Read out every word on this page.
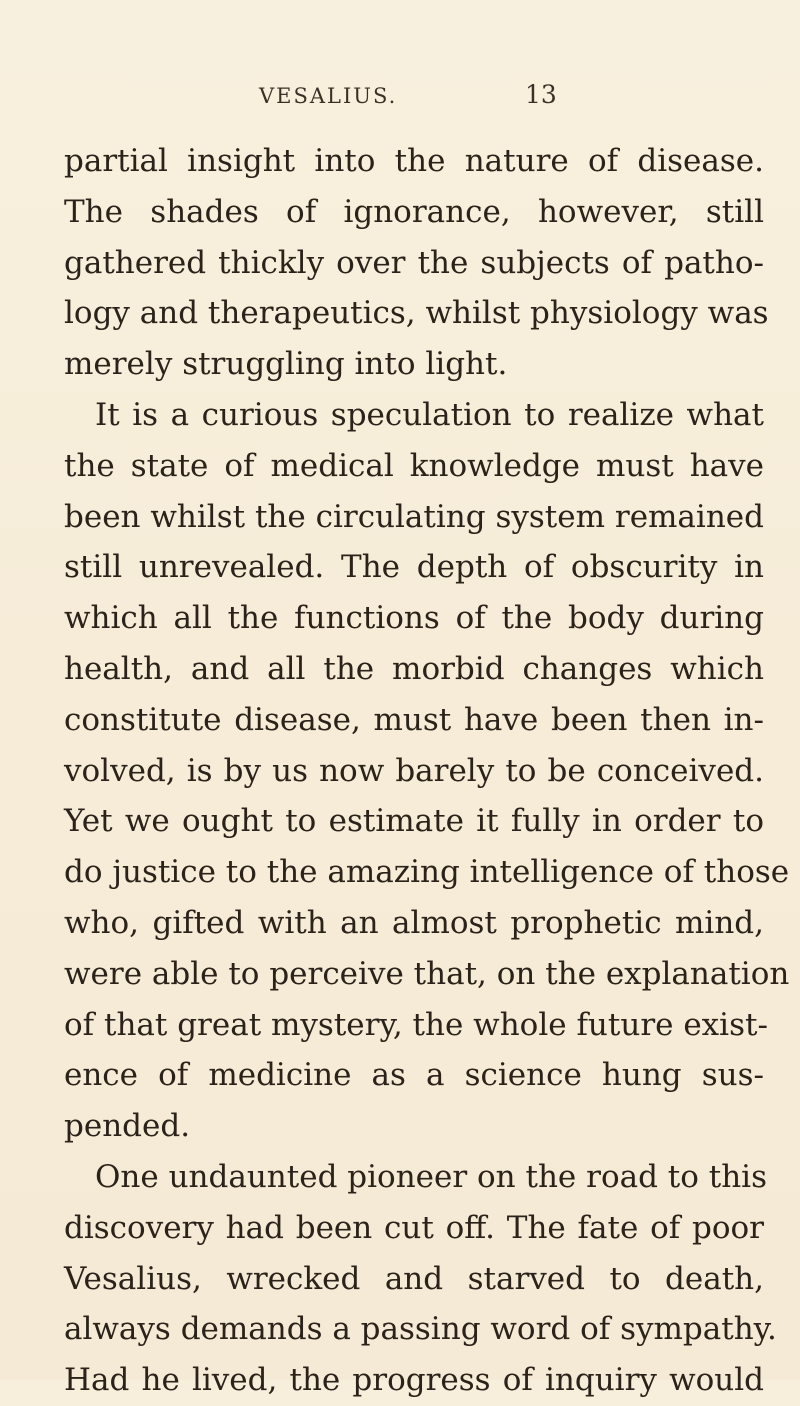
VESALIUS.	13
partial insight into the nature of disease.
The shades of ignorance, however, still
gathered thickly over the subjects of patho-
logy and therapeutics, whilst physiology was
merely struggling into light.
It is a curious speculation to realize what
the state of medical knowledge must have
been whilst the circulating system remained
still unrevealed. The depth of obscurity in
which all the functions of the body during
health, and all the morbid changes which
constitute disease, must have been then in-
volved, is by us now barely to be conceived.
Yet we ought to estimate it fully in order to
do justice to the amazing intelligence of those
who, gifted with an almost prophetic mind,
were able to perceive that, on the explanation
of that great mystery, the whole future exist-
ence of medicine as a science hung sus-
pended.
One undaunted pioneer on the road to this
discovery had been cut off. The fate of poor
Vesalius, wrecked and starved to death,
always demands a passing word of sympathy.
Had he lived, the progress of inquiry would
